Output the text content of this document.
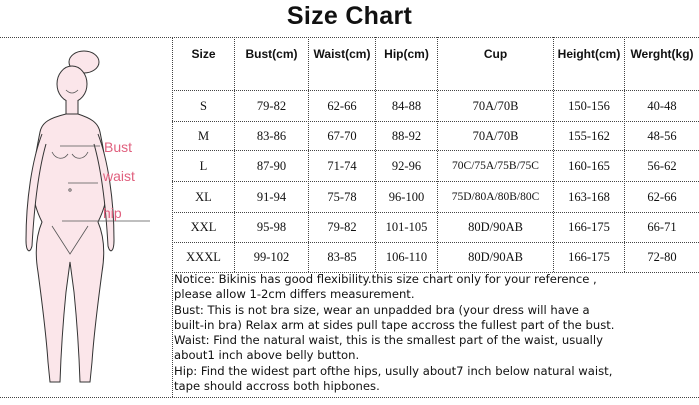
Size Chart
Bust
waist
hip
Size	Bust(cm)	Waist(cm)	Hip(cm)	Cup	Height(cm) Werght(kg)
S	79-82	62-66	84-88	70A/70B	150-156	40-48
M	83-86	67-70	88-92	70A/70B	155-162	48-56
L	87-90	71-74	92-96	70C/75A/75B/75C	160-165	56-62
XL	91-94	75-78	96-100	75D/80A/80B/80C	163-168	62-66
XXL	95-98	79-82	101-105	80D/90AB	166-175	66-71
XXXL	99-102	83-85	106-110	80D/90AB	166-175	72-80
Notice: Bikinis has good flexibility.this size chart only for your reference ,
please allow 1-2cm differs measurement.
Bust: This is not bra size, wear an unpadded bra (your dress will have a
built-in bra) Relax arm at sides pull tape accross the fullest part of the bust.
Waist: Find the natural waist, this is the smallest part of the waist, usually
about1 inch above belly button.
Hip: Find the widest part ofthe hips, usully about7 inch below natural waist,
tape should accross both hipbones.
